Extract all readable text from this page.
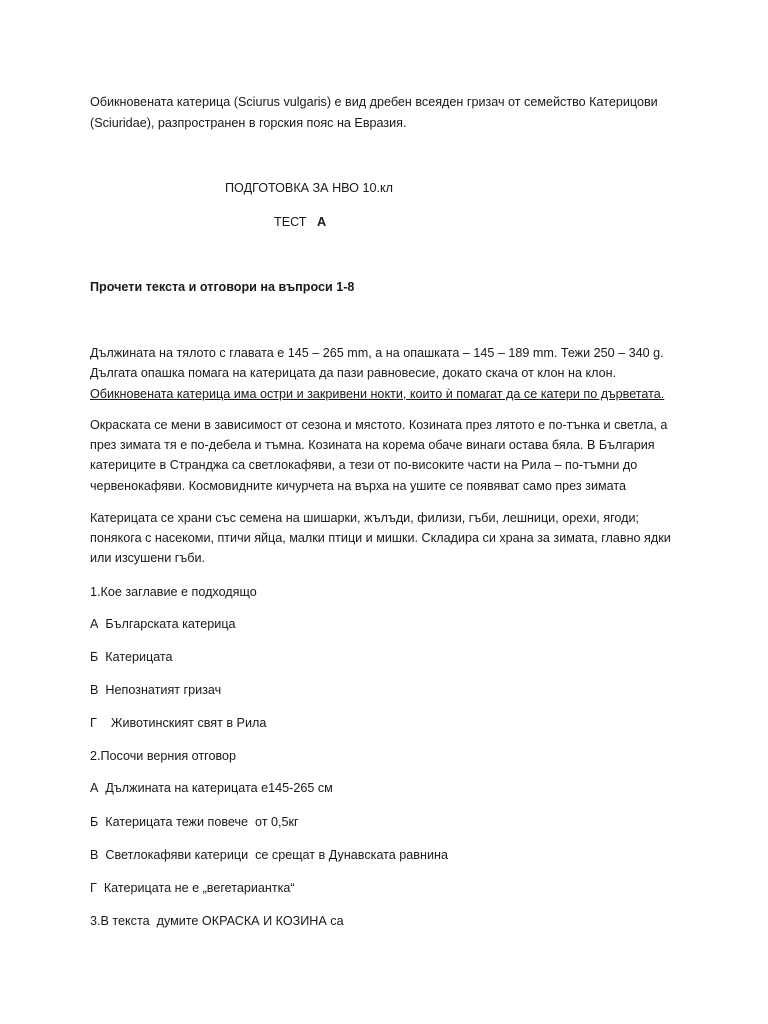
Обикновената катерица (Sciurus vulgaris) е вид дребен всеяден гризач от семейство Катерицови
(Sciuridae), разпространен в горския пояс на Евразия.
ПОДГОТОВКА ЗА НВО 10.кл
ТЕСТ А
Прочети текста и отговори на въпроси 1-8
Дължината на тялото с главата е 145 – 265 mm, а на опашката – 145 – 189 mm. Тежи 250 – 340 g.
Дългата опашка помага на катерицата да пази равновесие, докато скача от клон на клон.
Обикновената катерица има остри и закривени нокти, които ѝ помагат да се катери по дърветата.
Окраската се мени в зависимост от сезона и мястото. Козината през лятото е по-тънка и светла, а
през зимата тя е по-дебела и тъмна. Козината на корема обаче винаги остава бяла. В България
катериците в Странджа са светлокафяви, а тези от по-високите части на Рила – по-тъмни до
червенокафяви. Космовидните кичурчета на върха на ушите се появяват само през зимата
Катерицата се храни със семена на шишарки, жълъди, филизи, гъби, лешници, орехи, ягоди;
понякога с насекоми, птичи яйца, малки птици и мишки. Складира си храна за зимата, главно ядки
или изсушени гъби.
1.Кое заглавие е подходящо
А  Българската катерица
Б  Катерицата
В  Непознатият гризач
Г    Животинският свят в Рила
2.Посочи верния отговор
А  Дължината на катерицата е145-265 см
Б  Катерицата тежи повече  от 0,5кг
В  Светлокафяви катерици  се срещат в Дунавската равнина
Г  Катерицата не е „вегетариантка“
3.В текста  думите ОКРАСКА И КОЗИНА са
